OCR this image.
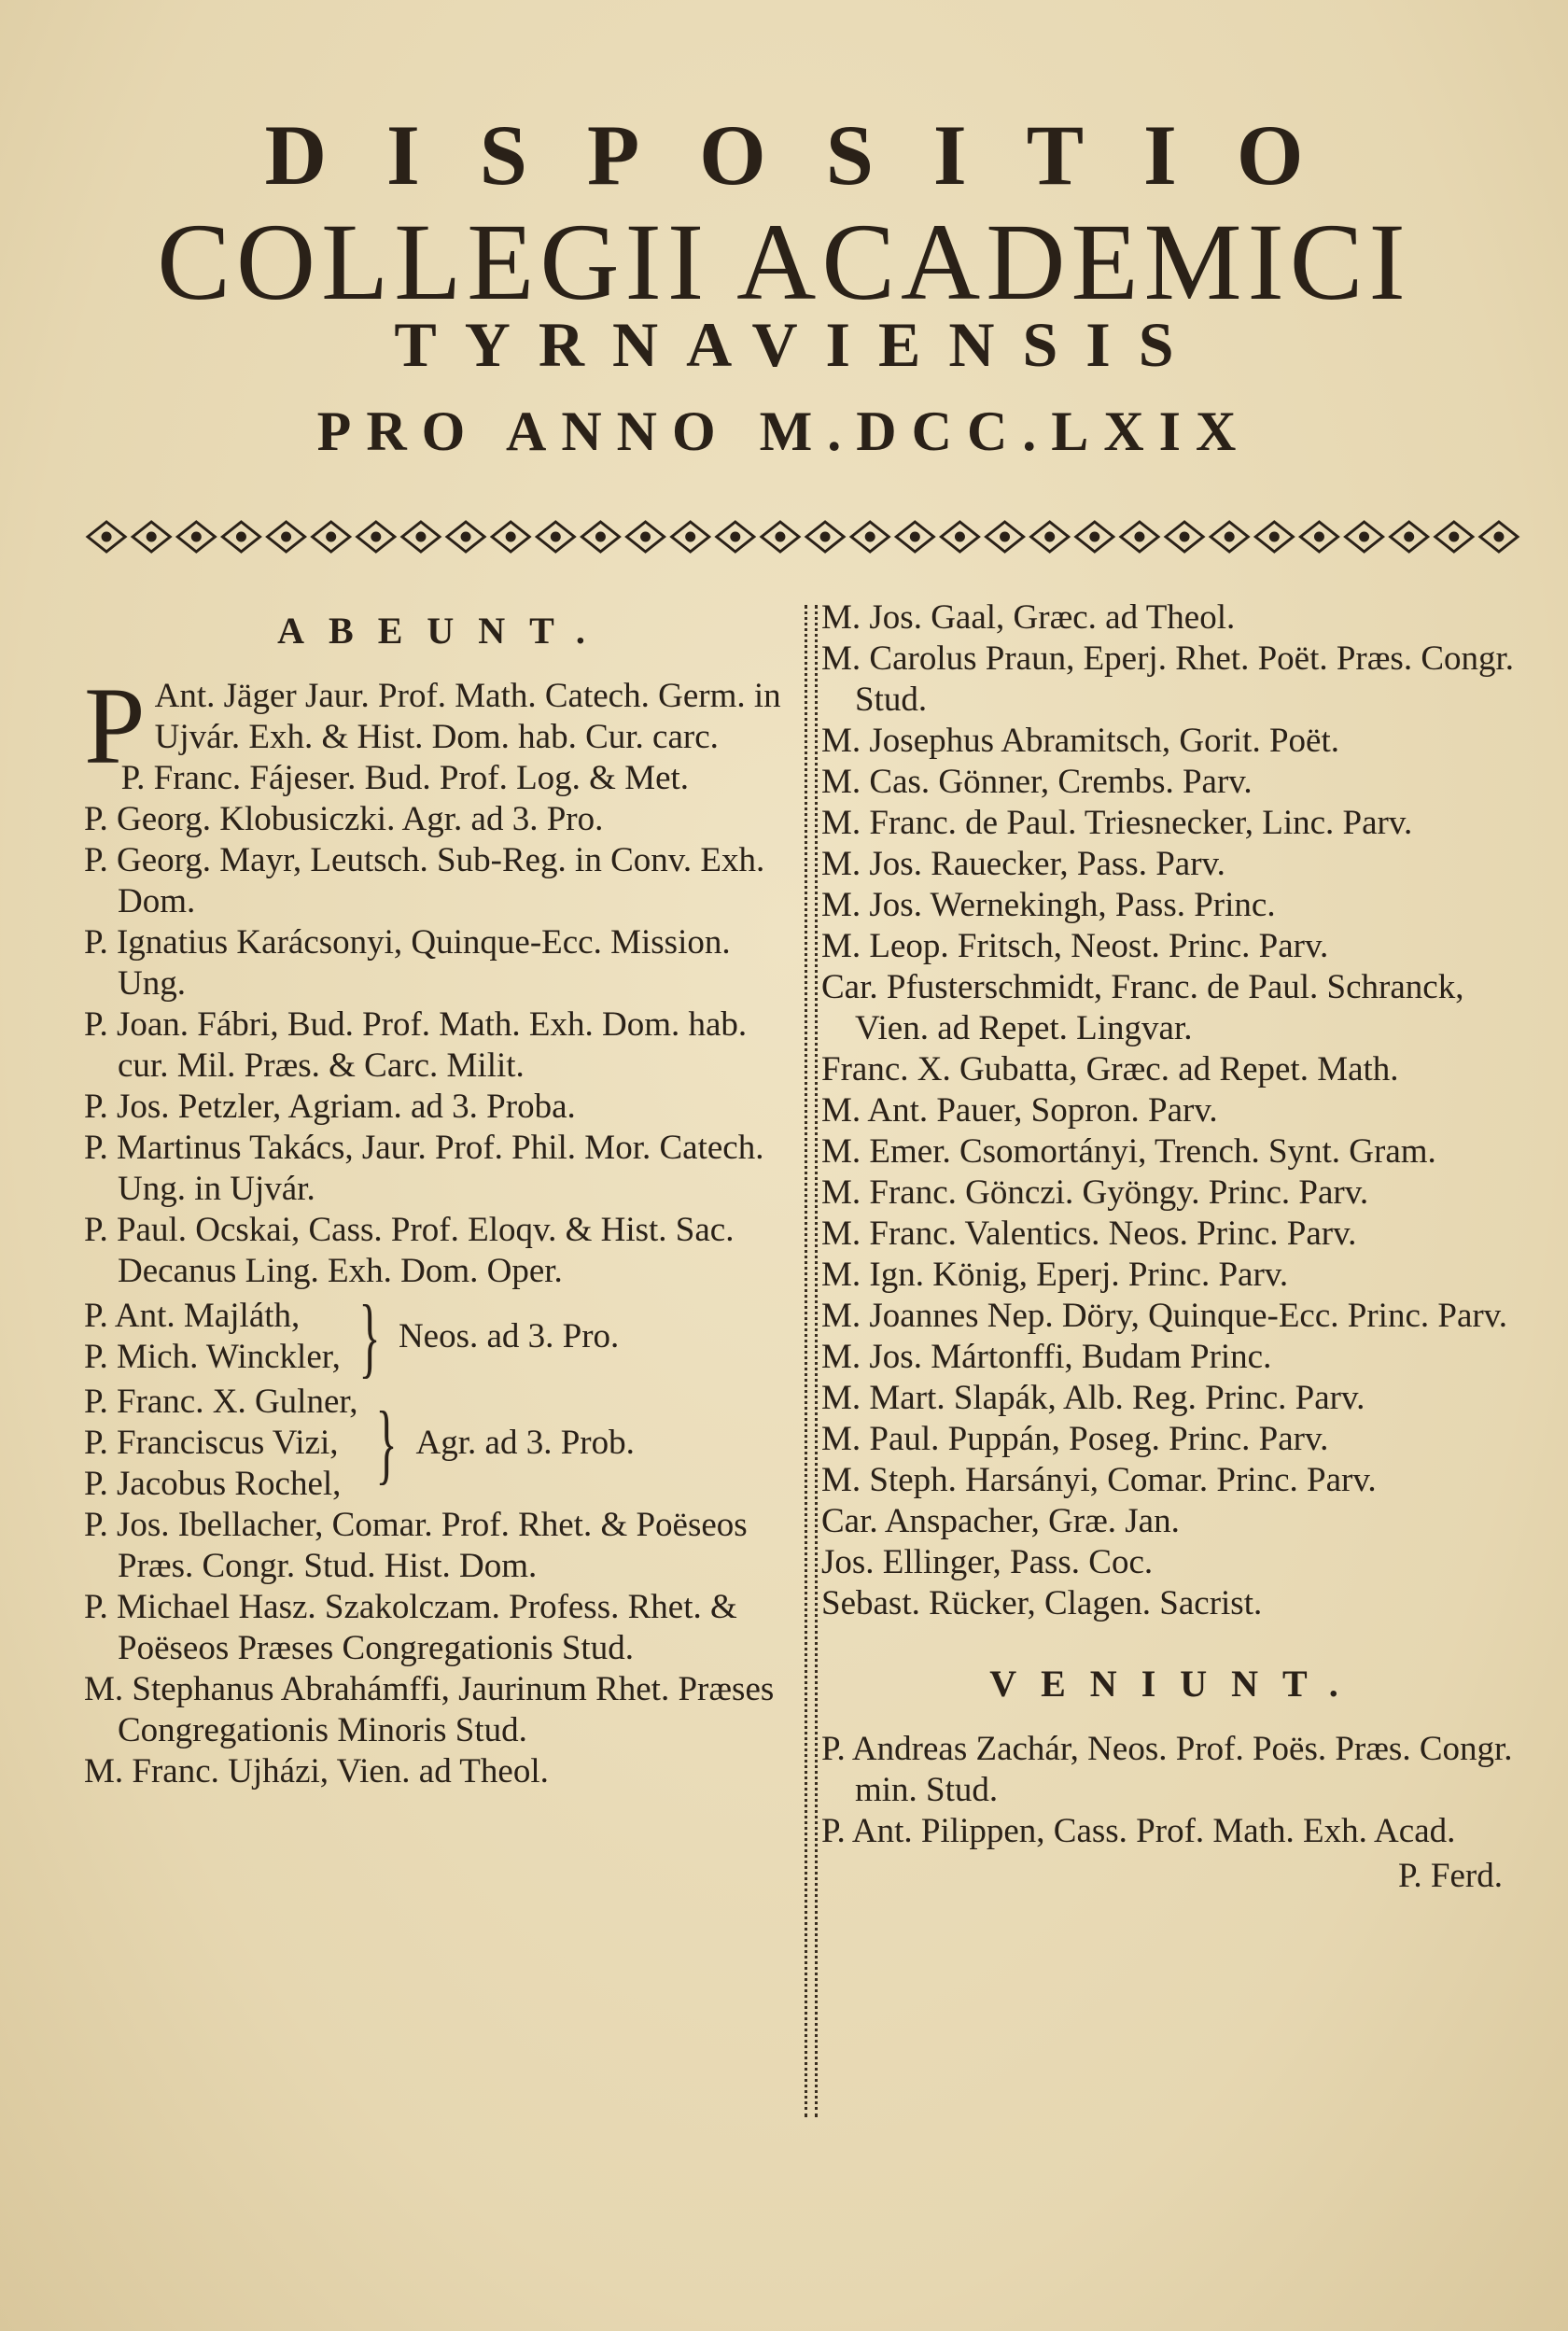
DISPOSITIO
COLLEGII ACADEMICI
TYRNAVIENSIS
PRO ANNO M.DCC.LXIX
ABEUNT.
P Ant. Jäger Jaur. Prof. Math. Catech. Germ. in Ujvár. Exh. & Hist. Dom. hab. Cur. carc.
P. Franc. Fájeser. Bud. Prof. Log. & Met.
P. Georg. Klobusiczki. Agr. ad 3. Pro.
P. Georg. Mayr, Leutsch. Sub-Reg. in Conv. Exh. Dom.
P. Ignatius Karácsonyi, Quinque-Ecc. Mission. Ung.
P. Joan. Fábri, Bud. Prof. Math. Exh. Dom. hab. cur. Mil. Præs. & Carc. Milit.
P. Jos. Petzler, Agriam. ad 3. Proba.
P. Martinus Takács, Jaur. Prof. Phil. Mor. Catech. Ung. in Ujvár.
P. Paul. Ocskai, Cass. Prof. Eloqv. & Hist. Sac. Decanus Ling. Exh. Dom. Oper.
P. Ant. Majláth,
P. Mich. Winckler, } Neos. ad 3. Pro.
P. Franc. X. Gulner,
P. Franciscus Vizi,
P. Jacobus Rochel, } Agr. ad 3. Prob.
P. Jos. Ibellacher, Comar. Prof. Rhet. & Poëseos Præs. Congr. Stud. Hist. Dom.
P. Michael Hasz. Szakolczam. Profess. Rhet. & Poëseos Præses Congregationis Stud.
M. Stephanus Abrahámffi, Jaurinum Rhet. Præses Congregationis Minoris Stud.
M. Franc. Ujházi, Vien. ad Theol.
M. Jos. Gaal, Græc. ad Theol.
M. Carolus Praun, Eperj. Rhet. Poët. Præs. Congr. Stud.
M. Josephus Abramitsch, Gorit. Poët.
M. Cas. Gönner, Crembs. Parv.
M. Franc. de Paul. Triesnecker, Linc. Parv.
M. Jos. Rauecker, Pass. Parv.
M. Jos. Wernekingh, Pass. Princ.
M. Leop. Fritsch, Neost. Princ. Parv.
Car. Pfusterschmidt, Franc. de Paul. Schranck, Vien. ad Repet. Lingvar.
Franc. X. Gubatta, Græc. ad Repet. Math.
M. Ant. Pauer, Sopron. Parv.
M. Emer. Csomortányi, Trench. Synt. Gram.
M. Franc. Gönczi. Gyöngy. Princ. Parv.
M. Franc. Valentics. Neos. Princ. Parv.
M. Ign. König, Eperj. Princ. Parv.
M. Joannes Nep. Döry, Quinque-Ecc. Princ. Parv.
M. Jos. Mártonffi, Budam Princ.
M. Mart. Slapák, Alb. Reg. Princ. Parv.
M. Paul. Puppán, Poseg. Princ. Parv.
M. Steph. Harsányi, Comar. Princ. Parv.
Car. Anspacher, Græ. Jan.
Jos. Ellinger, Pass. Coc.
Sebast. Rücker, Clagen. Sacrist.
VENIUNT.
P. Andreas Zachár, Neos. Prof. Poës. Præs. Congr. min. Stud.
P. Ant. Pilippen, Cass. Prof. Math. Exh. Acad.
P. Ferd.
